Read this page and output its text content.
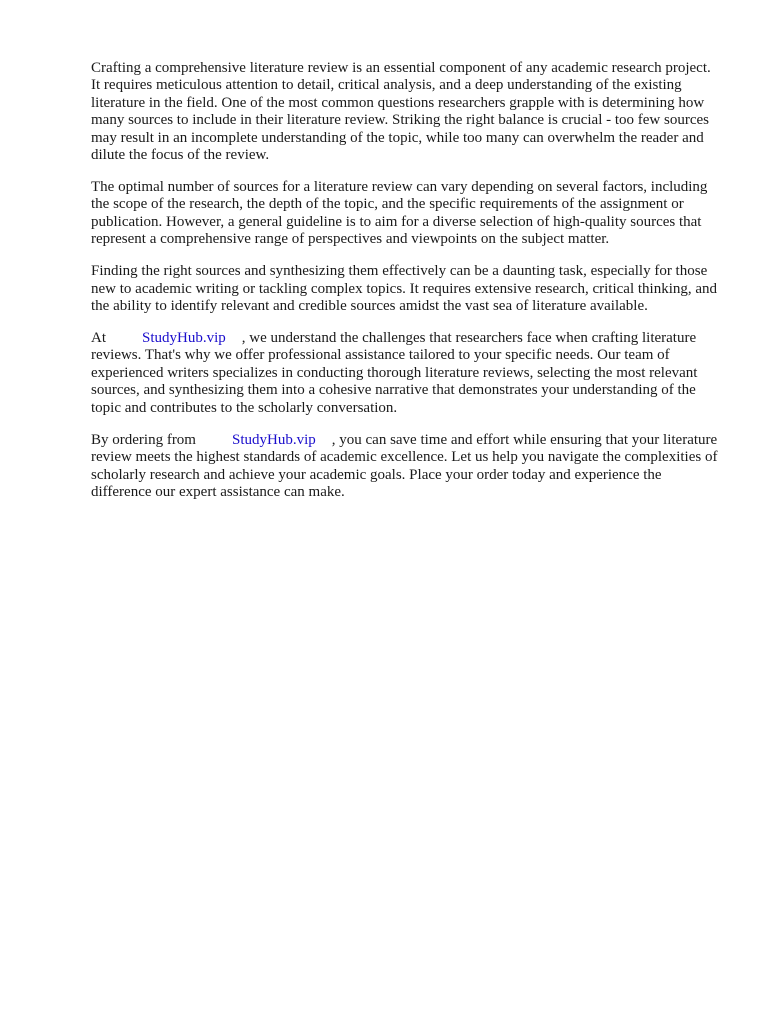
Crafting a comprehensive literature review is an essential component of any academic research project. It requires meticulous attention to detail, critical analysis, and a deep understanding of the existing literature in the field. One of the most common questions researchers grapple with is determining how many sources to include in their literature review. Striking the right balance is crucial - too few sources may result in an incomplete understanding of the topic, while too many can overwhelm the reader and dilute the focus of the review.

The optimal number of sources for a literature review can vary depending on several factors, including the scope of the research, the depth of the topic, and the specific requirements of the assignment or publication. However, a general guideline is to aim for a diverse selection of high-quality sources that represent a comprehensive range of perspectives and viewpoints on the subject matter.

Finding the right sources and synthesizing them effectively can be a daunting task, especially for those new to academic writing or tackling complex topics. It requires extensive research, critical thinking, and the ability to identify relevant and credible sources amidst the vast sea of literature available.

At StudyHub.vip , we understand the challenges that researchers face when crafting literature reviews. That's why we offer professional assistance tailored to your specific needs. Our team of experienced writers specializes in conducting thorough literature reviews, selecting the most relevant sources, and synthesizing them into a cohesive narrative that demonstrates your understanding of the topic and contributes to the scholarly conversation.

By ordering from StudyHub.vip , you can save time and effort while ensuring that your literature review meets the highest standards of academic excellence. Let us help you navigate the complexities of scholarly research and achieve your academic goals. Place your order today and experience the difference our expert assistance can make.
